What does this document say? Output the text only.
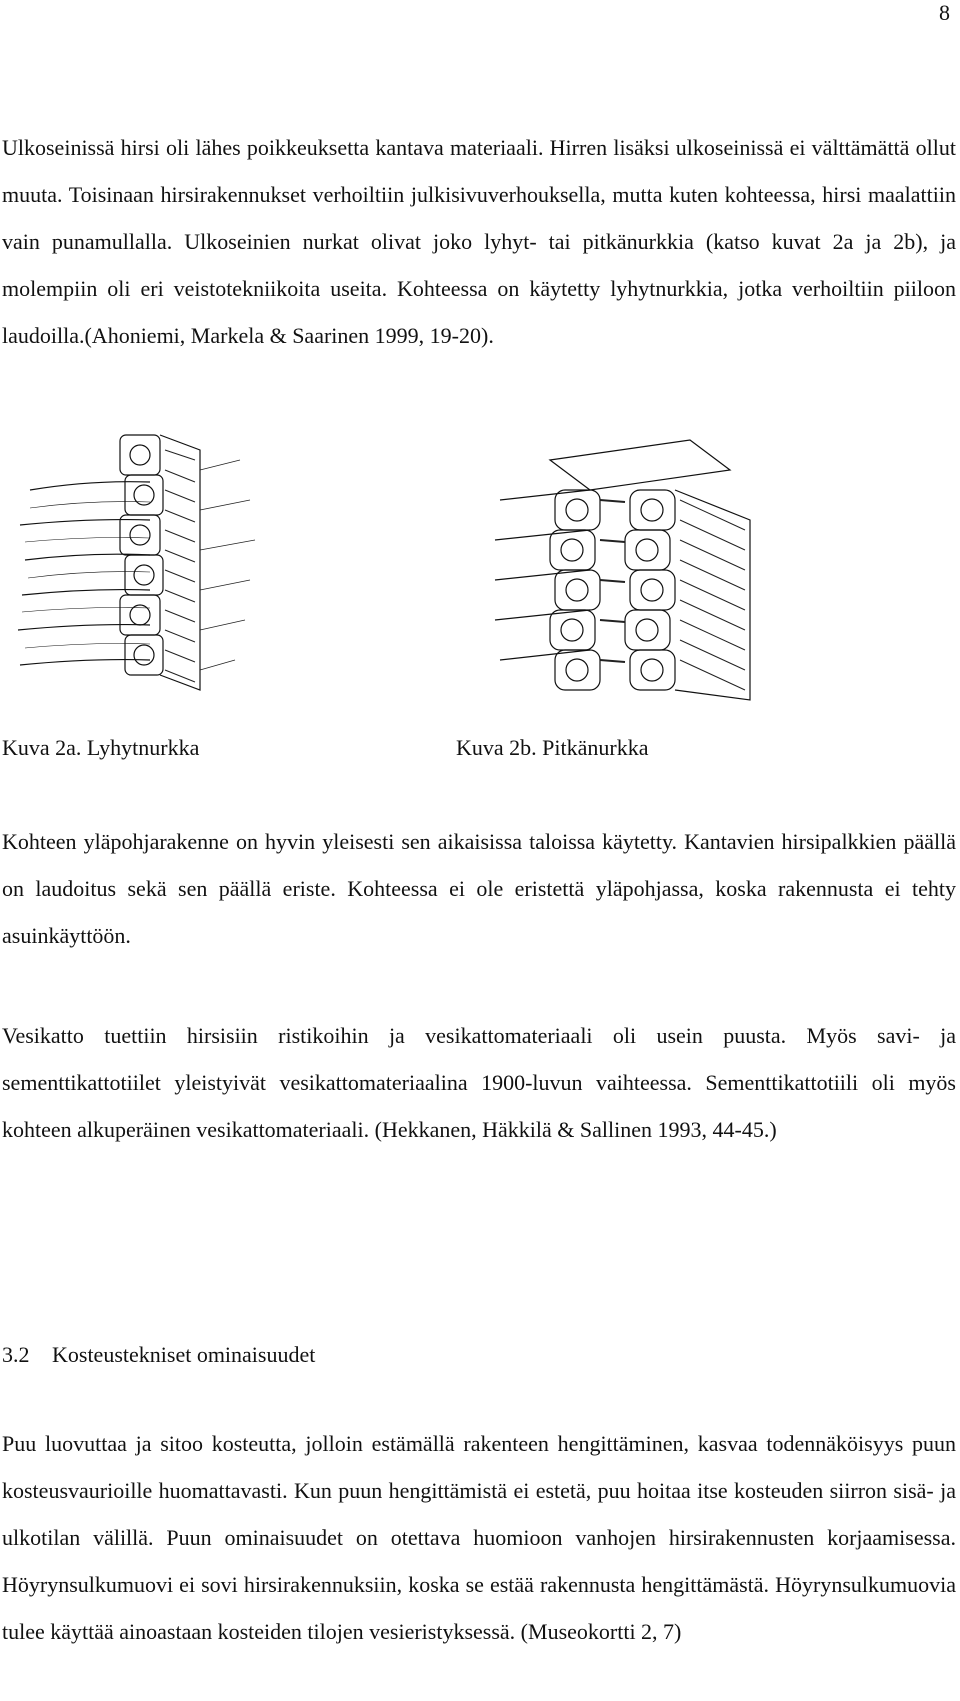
8

Ulkoseinissä hirsi oli lähes poikkeuksetta kantava materiaali. Hirren lisäksi ulkoseinissä ei välttämättä ollut muuta. Toisinaan hirsirakennukset verhoiltiin julkisivuverhouksella, mutta kuten kohteessa, hirsi maalattiin vain punamullalla. Ulkoseinien nurkat olivat joko lyhyt- tai pitkänurkkia (katso kuvat 2a ja 2b), ja molempiin oli eri veistotekniikoita useita. Kohteessa on käytetty lyhytnurkkia, jotka verhoiltiin piiloon laudoilla.(Ahoniemi, Markela & Saarinen 1999, 19-20).

Kuva 2a. Lyhytnurkka	Kuva 2b. Pitkänurkka

Kohteen yläpohjarakenne on hyvin yleisesti sen aikaisissa taloissa käytetty. Kantavien hirsipalkkien päällä on laudoitus sekä sen päällä eriste. Kohteessa ei ole eristettä yläpohjassa, koska rakennusta ei tehty asuinkäyttöön.

Vesikatto tuettiin hirsisiin ristikoihin ja vesikattomateriaali oli usein puusta. Myös savi- ja sementtikattotiilet yleistyivät vesikattomateriaalina 1900-luvun vaihteessa. Sementtikattotiili oli myös kohteen alkuperäinen vesikattomateriaali. (Hekkanen, Häkkilä & Sallinen 1993, 44-45.)

3.2 Kosteustekniset ominaisuudet

Puu luovuttaa ja sitoo kosteutta, jolloin estämällä rakenteen hengittäminen, kasvaa todennäköisyys puun kosteusvaurioille huomattavasti. Kun puun hengittämistä ei estetä, puu hoitaa itse kosteuden siirron sisä- ja ulkotilan välillä. Puun ominaisuudet on otettava huomioon vanhojen hirsirakennusten korjaamisessa. Höyrynsulkumuovi ei sovi hirsirakennuksiin, koska se estää rakennusta hengittämästä. Höyrynsulkumuovia tulee käyttää ainoastaan kosteiden tilojen vesieristyksessä. (Museokortti 2, 7)
